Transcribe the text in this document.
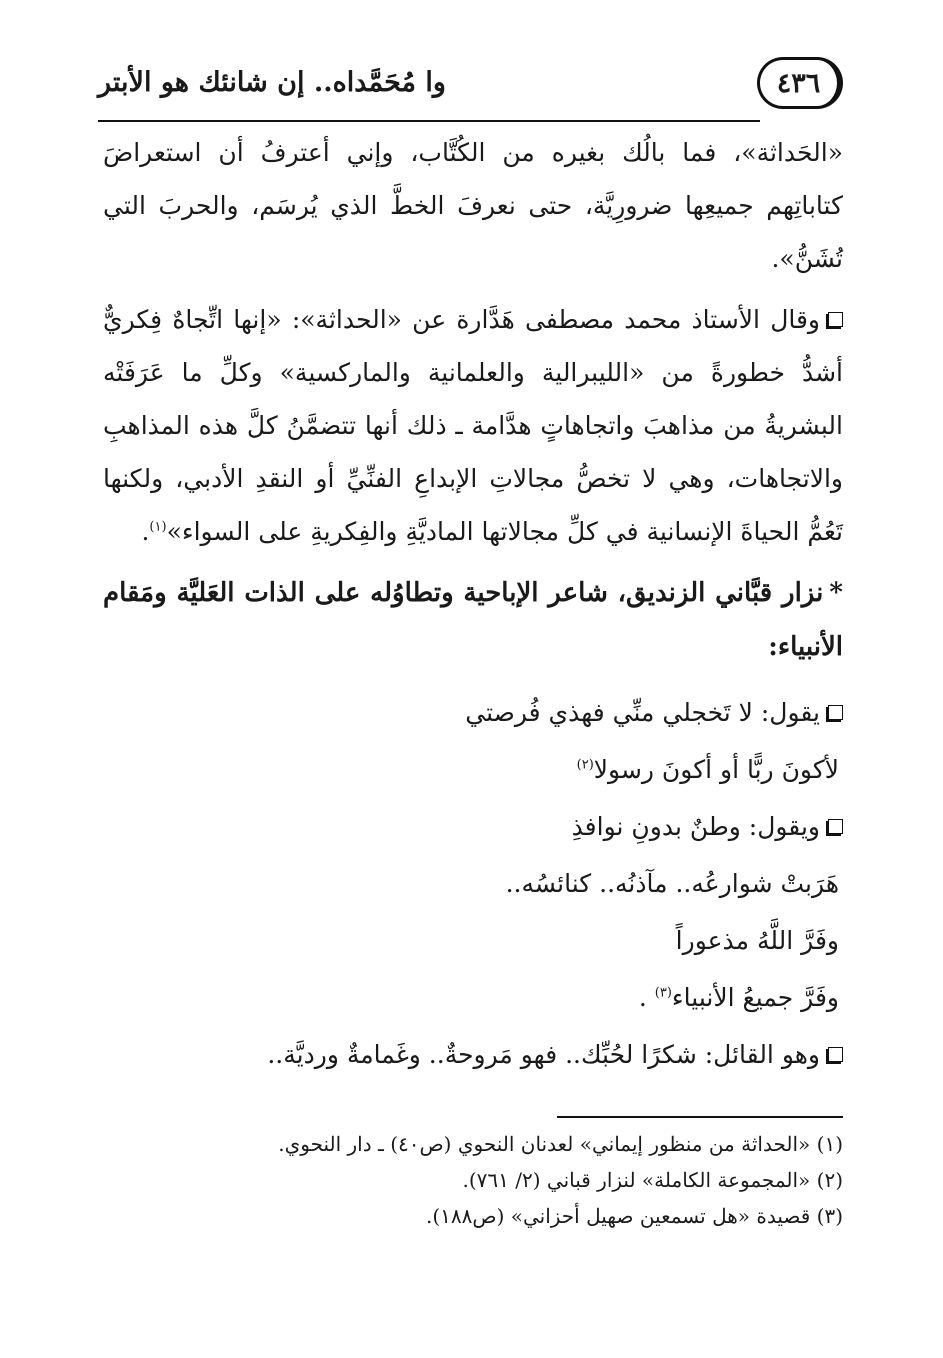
٤٣٦
وا مُحَمَّداه.. إن شانئك هو الأبتر

«الحَداثة»، فما بالُك بغيره من الكُتَّاب، وإني أعترفُ أن استعراضَ كتاباتِهم جميعِها ضرورِيَّة، حتى نعرفَ الخطَّ الذي يُرسَم، والحربَ التي تُشَنُّ».

وقال الأستاذ محمد مصطفى هَدَّارة عن «الحداثة»: «إنها اتِّجاهٌ فِكريٌّ أشدُّ خطورةً من «الليبرالية والعلمانية والماركسية» وكلِّ ما عَرَفَتْه البشريةُ من مذاهبَ واتجاهاتٍ هدَّامة ـ ذلك أنها تتضمَّنُ كلَّ هذه المذاهبِ والاتجاهات، وهي لا تخصُّ مجالاتِ الإبداعِ الفنِّيِّ أو النقدِ الأدبي، ولكنها تَعُمُّ الحياةَ الإنسانية في كلِّ مجالاتها الماديَّةِ والفِكريةِ على السواء»$^{(١)}$.

*نزار قبَّاني الزنديق، شاعر الإباحية وتطاوُله على الذات العَليَّة ومَقام الأنبياء:

يقول: لا تَخجلي منِّي فهذي فُرصتي
لأكونَ ربًّا أو أكونَ رسولا$^{(٢)}$
ويقول: وطنٌ بدونِ نوافذِ
هَرَبتْ شوارعُه.. مآذنُه.. كنائسُه..
وفَرَّ اللَّهُ مذعوراً
وفَرَّ جميعُ الأنبياء$^{(٣)}$ .
وهو القائل: شكرًا لحُبِّك.. فهو مَروحةٌ.. وغَمامةٌ ورديَّة..
(١) «الحداثة من منظور إيماني» لعدنان النحوي (ص٤٠) ـ دار النحوي.
(٢) «المجموعة الكاملة» لنزار قباني (٢/ ٧٦١).
(٣) قصيدة «هل تسمعين صهيل أحزاني» (ص١٨٨).
